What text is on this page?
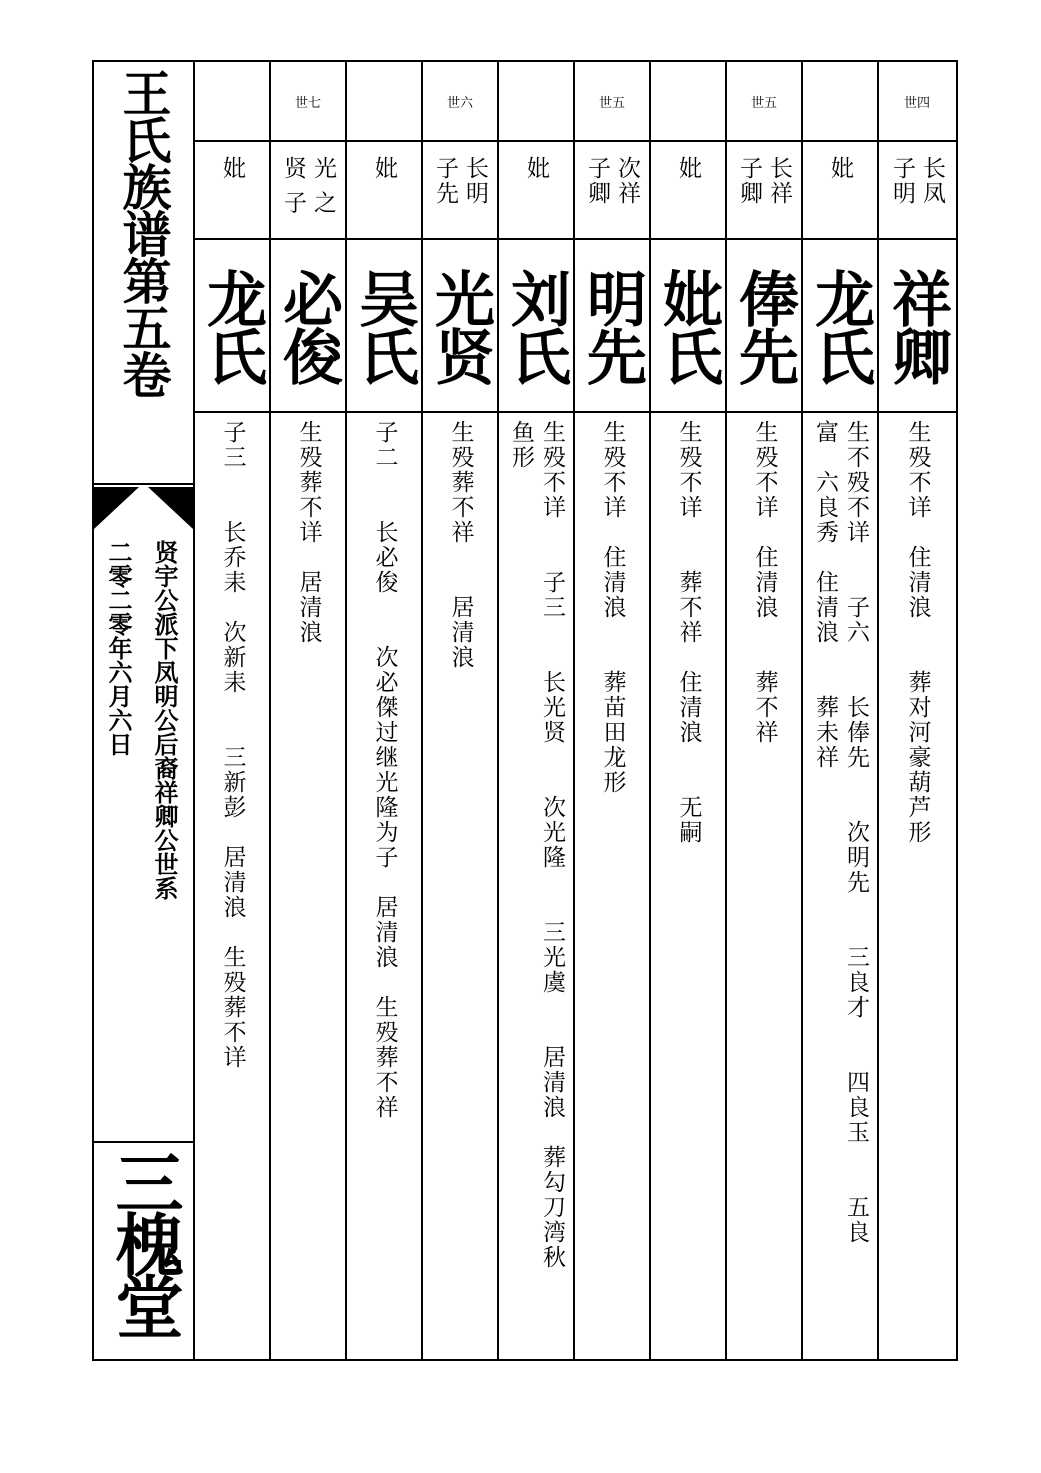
王氏族谱第五卷
贤宇公派下凤明公后裔祥卿公世系
二零二零年六月六日
三槐堂
妣
龙氏
子三　　长乔耒　次新耒　　三新彭　居清浪　生殁葬不详
世七
光 之贤 子
必俊
生殁葬不详　居清浪
妣
吴氏
子二　　长必俊　　次必傑过继光隆为子　居清浪　生殁葬不祥
世六
长明 子先
光贤
生殁葬不祥　　居清浪
妣
刘氏
生殁不详　　子三　　长光贤　　次光隆　　三光虞　　居清浪　葬勾刀湾秋
鱼形
世五
次祥 子卿
明先
生殁不详　住清浪　　葬苗田龙形
妣
妣氏
生殁不详　　葬不祥　住清浪　　无嗣
世五
长祥 子卿
俸先
生殁不详　住清浪　　葬不祥
妣
龙氏
生不殁不详　　子六　　长俸先　　次明先　　三良才　　四良玉　　五良
富　六良秀　住清浪　　葬未祥
世四
长凤 子明
祥卿
生殁不详　住清浪　　葬对河豪葫芦形
